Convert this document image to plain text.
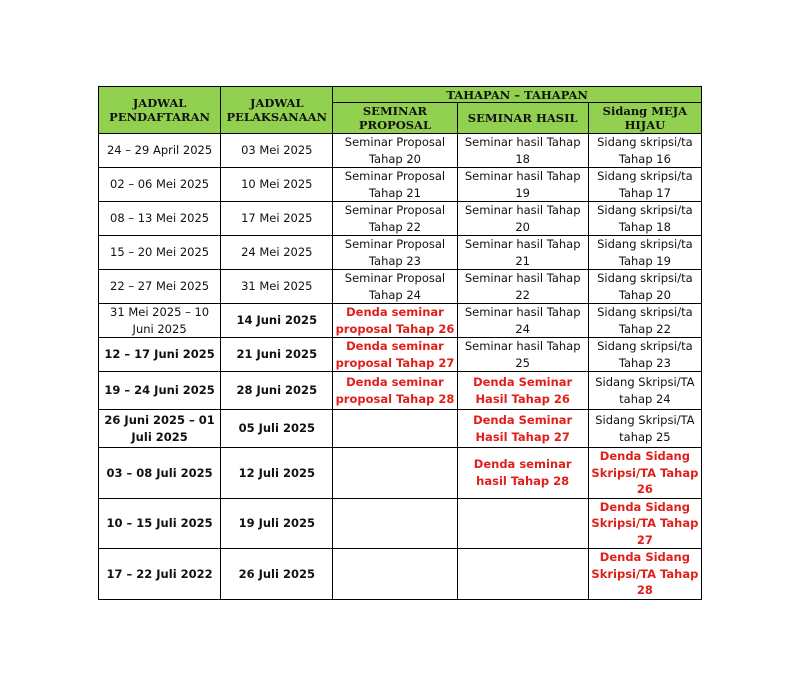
JADWAL PENDAFTARAN	JADWAL PELAKSANAAN	TAHAPAN – TAHAPAN		
		SEMINAR PROPOSAL	SEMINAR HASIL	Sidang MEJA HIJAU
24 – 29 April 2025	03 Mei 2025	Seminar Proposal Tahap 20	Seminar hasil Tahap 18	Sidang skripsi/ta Tahap 16
02 – 06 Mei 2025	10 Mei 2025	Seminar Proposal Tahap 21	Seminar hasil Tahap 19	Sidang skripsi/ta Tahap 17
08 – 13 Mei 2025	17 Mei 2025	Seminar Proposal Tahap 22	Seminar hasil Tahap 20	Sidang skripsi/ta Tahap 18
15 – 20 Mei 2025	24 Mei 2025	Seminar Proposal Tahap 23	Seminar hasil Tahap 21	Sidang skripsi/ta Tahap 19
22 – 27 Mei 2025	31 Mei 2025	Seminar Proposal Tahap 24	Seminar hasil Tahap 22	Sidang skripsi/ta Tahap 20
31 Mei 2025 – 10 Juni 2025	14 Juni 2025	Denda seminar proposal Tahap 26	Seminar hasil Tahap 24	Sidang skripsi/ta Tahap 22
12 – 17 Juni 2025	21 Juni 2025	Denda seminar proposal Tahap 27	Seminar hasil Tahap 25	Sidang skripsi/ta Tahap 23
19 – 24 Juni 2025	28 Juni 2025	Denda seminar proposal Tahap 28	Denda Seminar Hasil Tahap 26	Sidang Skripsi/TA tahap 24
26 Juni 2025 – 01 Juli 2025	05 Juli 2025		Denda Seminar Hasil Tahap 27	Sidang Skripsi/TA tahap 25
03 – 08 Juli 2025	12 Juli 2025		Denda seminar hasil Tahap 28	Denda Sidang Skripsi/TA Tahap 26
10 – 15 Juli 2025	19 Juli 2025			Denda Sidang Skripsi/TA Tahap 27
17 – 22 Juli 2022	26 Juli 2025			Denda Sidang Skripsi/TA Tahap 28
